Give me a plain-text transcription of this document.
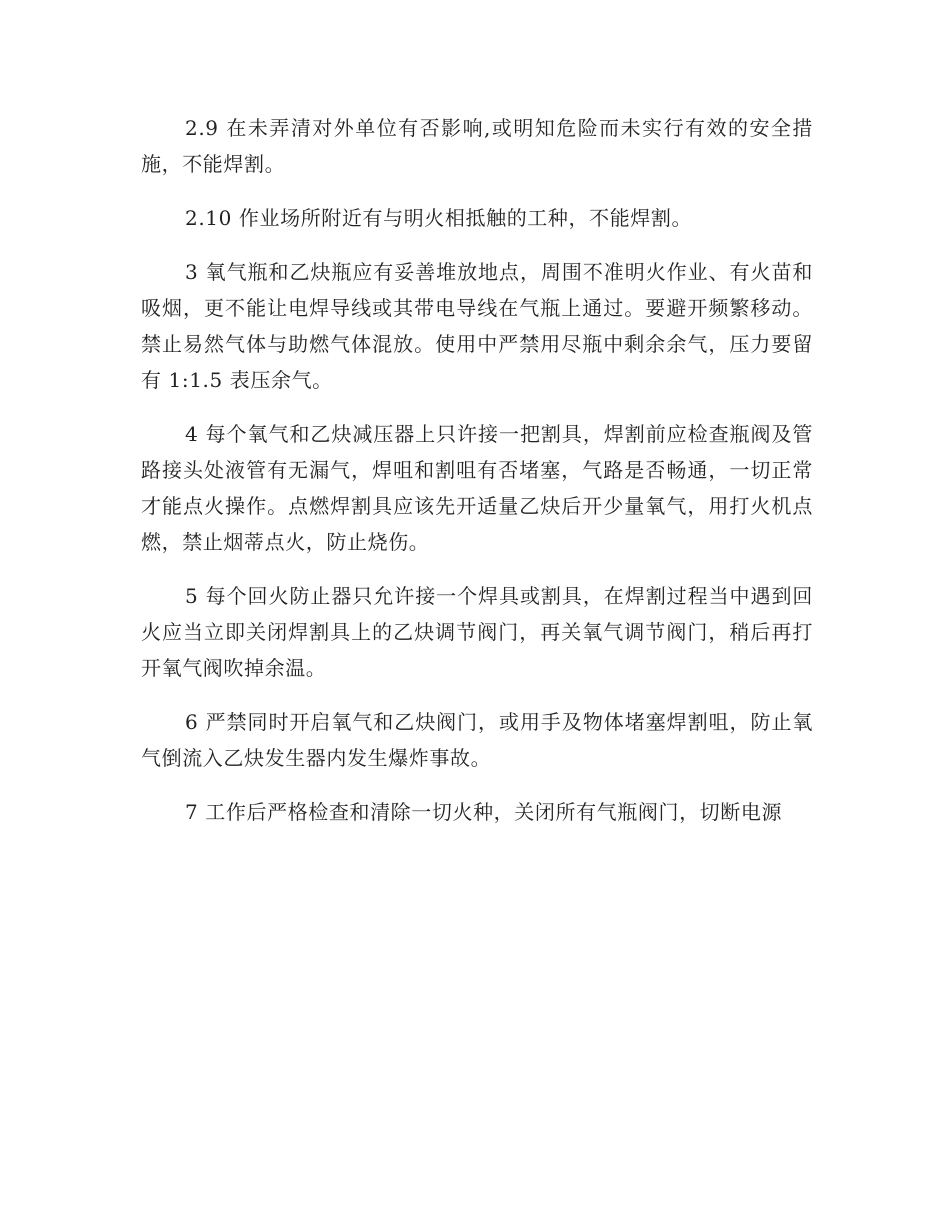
2.9 在未弄清对外单位有否影响,或明知危险而未实行有效的安全措施，不能焊割。

2.10 作业场所附近有与明火相抵触的工种，不能焊割。

3 氧气瓶和乙炔瓶应有妥善堆放地点，周围不准明火作业、有火苗和吸烟，更不能让电焊导线或其带电导线在气瓶上通过。要避开频繁移动。禁止易然气体与助燃气体混放。使用中严禁用尽瓶中剩余余气，压力要留有 1:1.5 表压余气。

4 每个氧气和乙炔减压器上只许接一把割具，焊割前应检查瓶阀及管路接头处液管有无漏气，焊咀和割咀有否堵塞，气路是否畅通，一切正常才能点火操作。点燃焊割具应该先开适量乙炔后开少量氧气，用打火机点燃，禁止烟蒂点火，防止烧伤。

5 每个回火防止器只允许接一个焊具或割具，在焊割过程当中遇到回火应当立即关闭焊割具上的乙炔调节阀门，再关氧气调节阀门，稍后再打开氧气阀吹掉余温。

6 严禁同时开启氧气和乙炔阀门，或用手及物体堵塞焊割咀，防止氧气倒流入乙炔发生器内发生爆炸事故。

7 工作后严格检查和清除一切火种，关闭所有气瓶阀门，切断电源
